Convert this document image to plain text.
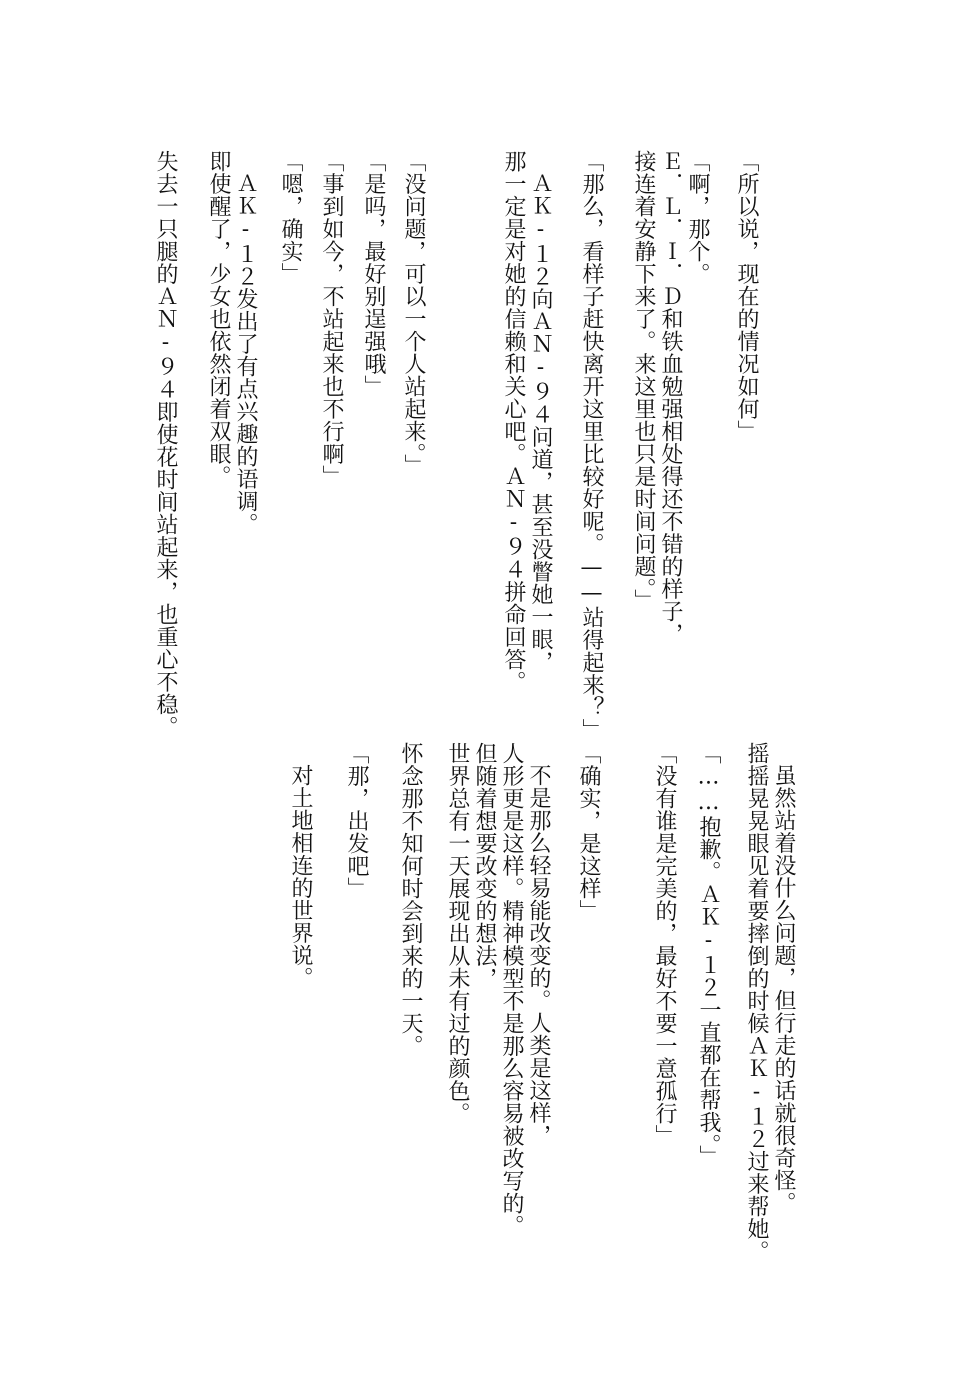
「所以说，现在的情况如何」
「啊，那个。
Ｅ．Ｌ．Ｉ．Ｄ和铁血勉强相处得还不错的样子，
接连着安静下来了。来这里也只是时间问题。」
「那么，看样子赶快离开这里比较好呢。——站得起来？」
ＡＫ-１２向ＡＮ-９４问道，甚至没瞥她一眼，
那一定是对她的信赖和关心吧。ＡＮ-９４拼命回答。
「没问题，可以一个人站起来。」
「是吗，最好别逞强哦」
「事到如今，不站起来也不行啊」
「嗯，确实」
ＡＫ-１２发出了有点兴趣的语调。
即使醒了，少女也依然闭着双眼。
失去一只腿的ＡＮ-９４即使花时间站起来，也重心不稳。
虽然站着没什么问题，但行走的话就很奇怪。
摇摇晃晃眼见着要摔倒的时候ＡＫ-１２过来帮她。
「……抱歉。ＡＫ-１２一直都在帮我。」
「没有谁是完美的，最好不要一意孤行」
「确实，是这样」
不是那么轻易能改变的。人类是这样，
人形更是这样。精神模型不是那么容易被改写的。
但随着想要改变的想法，
世界总有一天展现出从未有过的颜色。
怀念那不知何时会到来的一天。
「那，出发吧」
对土地相连的世界说。
